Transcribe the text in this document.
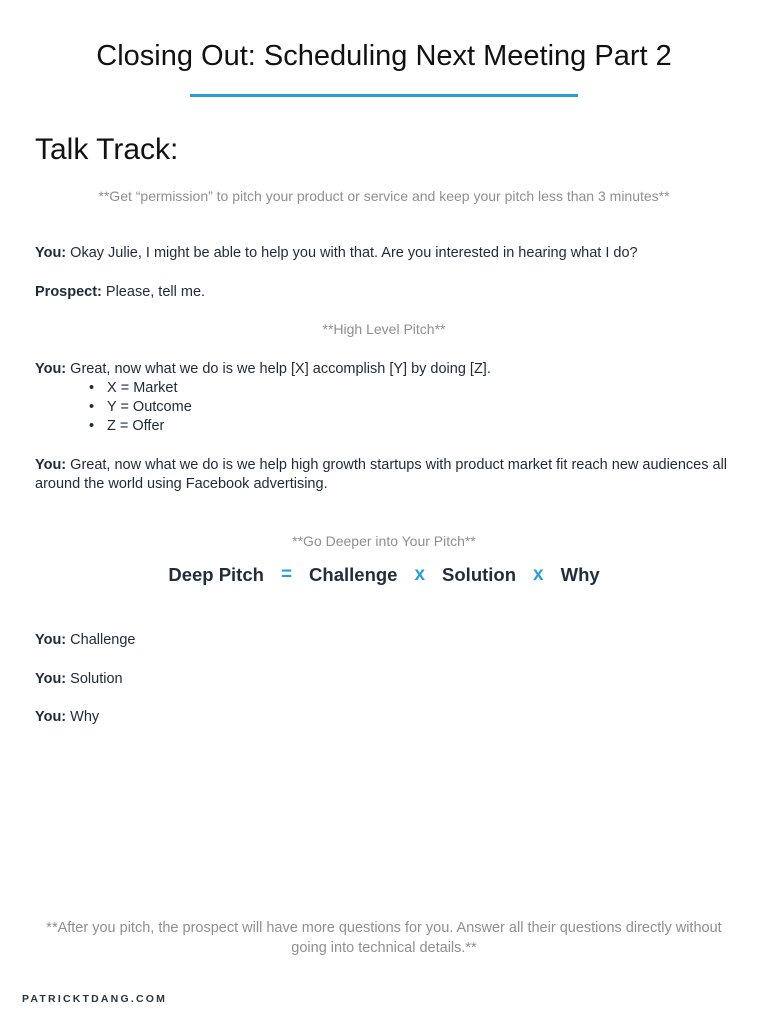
Closing Out: Scheduling Next Meeting Part 2
Talk Track:
**Get “permission” to pitch your product or service and keep your pitch less than 3 minutes**
You: Okay Julie, I might be able to help you with that. Are you interested in hearing what I do?
Prospect: Please, tell me.
**High Level Pitch**
You: Great, now what we do is we help [X] accomplish [Y] by doing [Z].
• X = Market
• Y = Outcome
• Z = Offer
You: Great, now what we do is we help high growth startups with product market fit reach new audiences all around the world using Facebook advertising.
**Go Deeper into Your Pitch**
Deep Pitch = Challenge x Solution x Why
You: Challenge
You: Solution
You: Why
**After you pitch, the prospect will have more questions for you. Answer all their questions directly without going into technical details.**
PATRICKTDANG.COM
